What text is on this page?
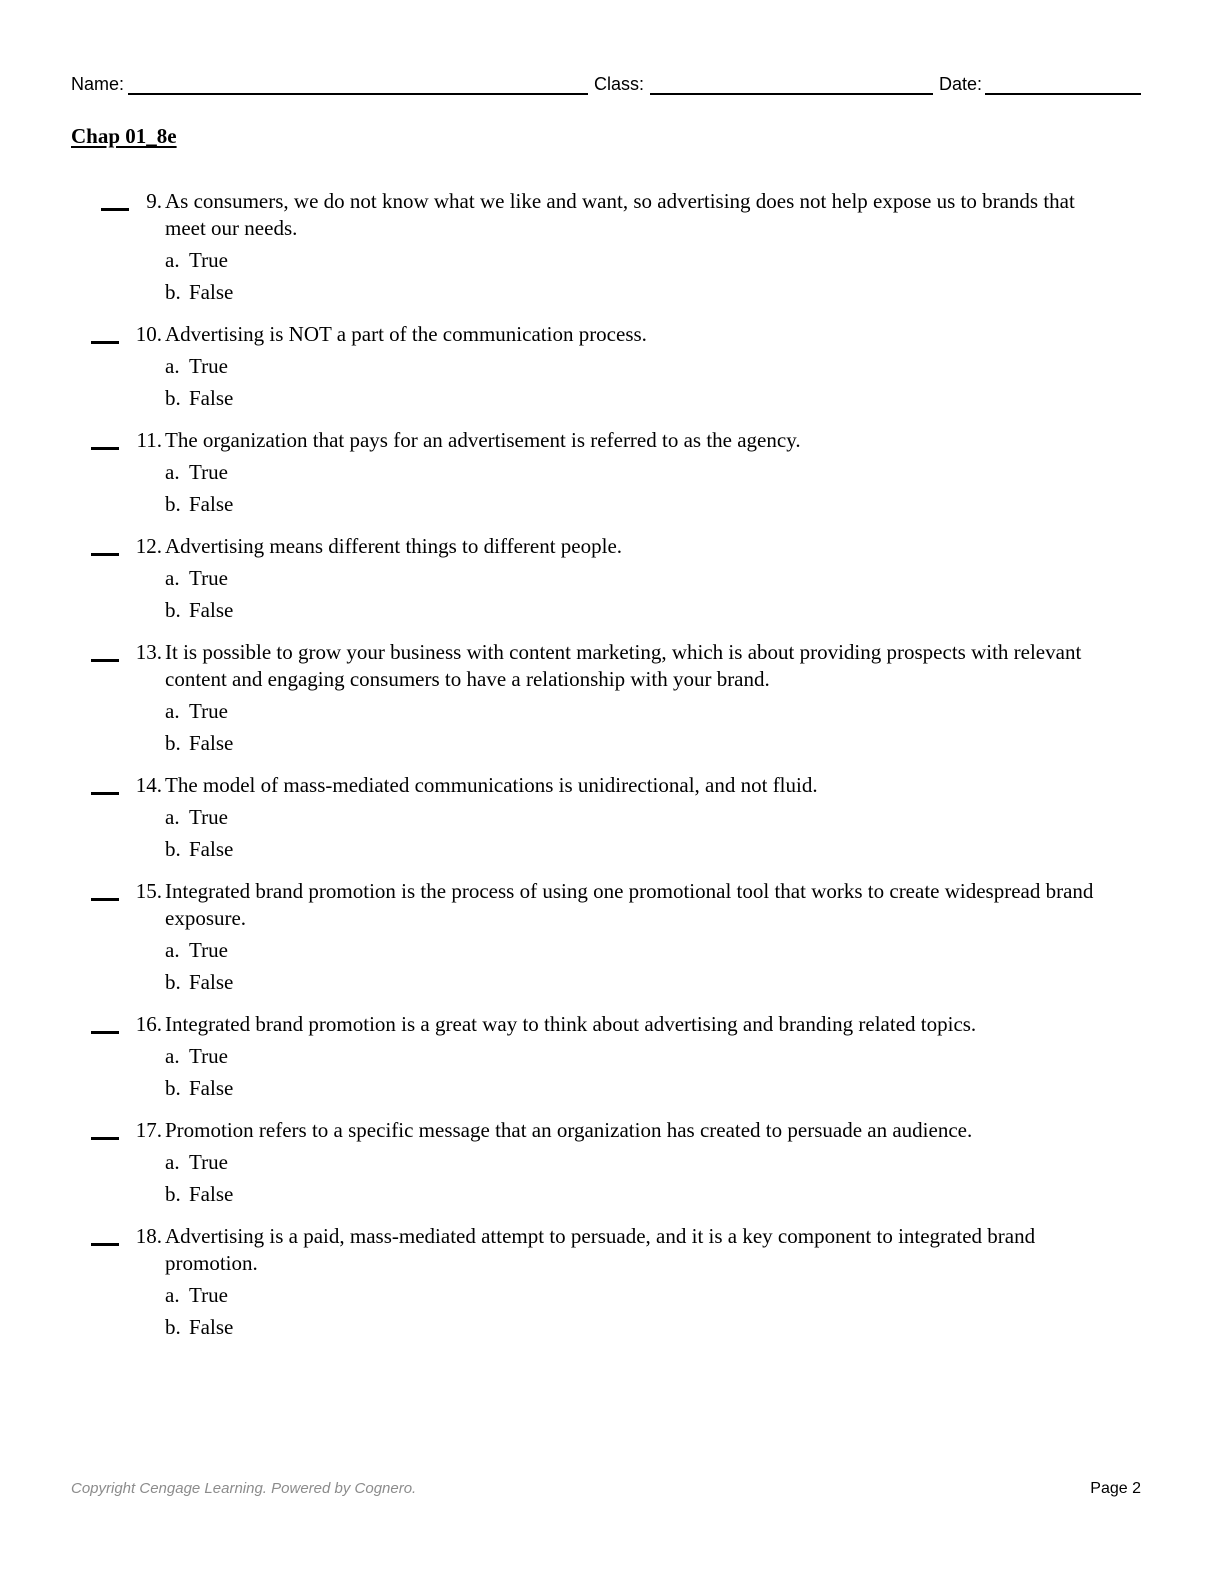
Name:	Class:	Date:
Chap 01_8e
9. As consumers, we do not know what we like and want, so advertising does not help expose us to brands that meet our needs.
a. True
b. False
10. Advertising is NOT a part of the communication process.
a. True
b. False
11. The organization that pays for an advertisement is referred to as the agency.
a. True
b. False
12. Advertising means different things to different people.
a. True
b. False
13. It is possible to grow your business with content marketing, which is about providing prospects with relevant content and engaging consumers to have a relationship with your brand.
a. True
b. False
14. The model of mass-mediated communications is unidirectional, and not fluid.
a. True
b. False
15. Integrated brand promotion is the process of using one promotional tool that works to create widespread brand exposure.
a. True
b. False
16. Integrated brand promotion is a great way to think about advertising and branding related topics.
a. True
b. False
17. Promotion refers to a specific message that an organization has created to persuade an audience.
a. True
b. False
18. Advertising is a paid, mass-mediated attempt to persuade, and it is a key component to integrated brand promotion.
a. True
b. False
Copyright Cengage Learning. Powered by Cognero.	Page 2
